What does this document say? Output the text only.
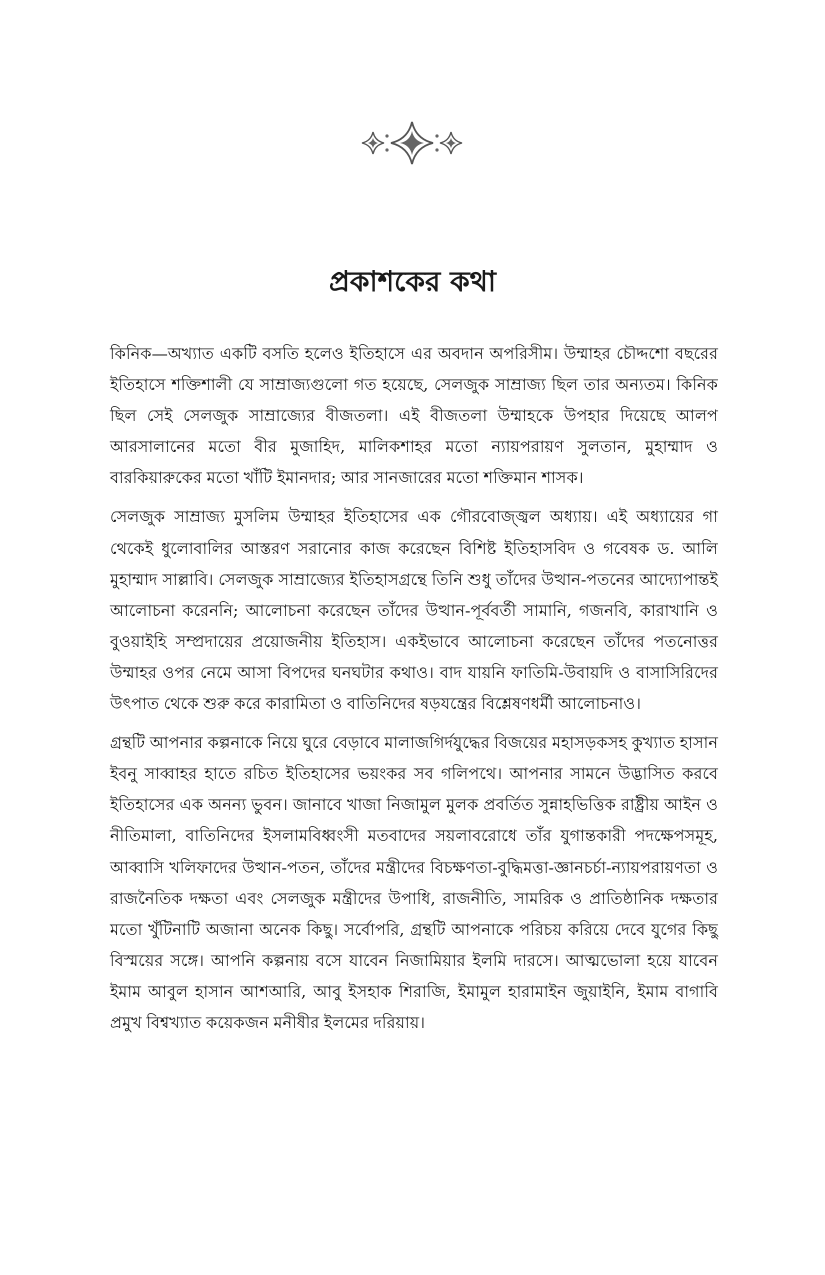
প্রকাশকের কথা

কিনিক—অখ্যাত একটি বসতি হলেও ইতিহাসে এর অবদান অপরিসীম। উম্মাহর চৌদ্দশো বছরের ইতিহাসে শক্তিশালী যে সাম্রাজ্যগুলো গত হয়েছে, সেলজুক সাম্রাজ্য ছিল তার অন্যতম। কিনিক ছিল সেই সেলজুক সাম্রাজ্যের বীজতলা। এই বীজতলা উম্মাহকে উপহার দিয়েছে আলপ আরসালানের মতো বীর মুজাহিদ, মালিকশাহর মতো ন্যায়পরায়ণ সুলতান, মুহাম্মাদ ও বারকিয়ারুকের মতো খাঁটি ইমানদার; আর সানজারের মতো শক্তিমান শাসক।

সেলজুক সাম্রাজ্য মুসলিম উম্মাহর ইতিহাসের এক গৌরবোজ্জ্বল অধ্যায়। এই অধ্যায়ের গা থেকেই ধুলোবালির আস্তরণ সরানোর কাজ করেছেন বিশিষ্ট ইতিহাসবিদ ও গবেষক ড. আলি মুহাম্মাদ সাল্লাবি। সেলজুক সাম্রাজ্যের ইতিহাসগ্রন্থে তিনি শুধু তাঁদের উত্থান-পতনের আদ্যোপান্তই আলোচনা করেননি; আলোচনা করেছেন তাঁদের উত্থান-পূর্ববর্তী সামানি, গজনবি, কারাখানি ও বুওয়াইহি সম্প্রদায়ের প্রয়োজনীয় ইতিহাস। একইভাবে আলোচনা করেছেন তাঁদের পতনোত্তর উম্মাহর ওপর নেমে আসা বিপদের ঘনঘটার কথাও। বাদ যায়নি ফাতিমি-উবায়দি ও বাসাসিরিদের উৎপাত থেকে শুরু করে কারামিতা ও বাতিনিদের ষড়যন্ত্রের বিশ্লেষণধর্মী আলোচনাও।

গ্রন্থটি আপনার কল্পনাকে নিয়ে ঘুরে বেড়াবে মালাজগির্দযুদ্ধের বিজয়ের মহাসড়কসহ কুখ্যাত হাসান ইবনু সাব্বাহর হাতে রচিত ইতিহাসের ভয়ংকর সব গলিপথে। আপনার সামনে উদ্ভাসিত করবে ইতিহাসের এক অনন্য ভুবন। জানাবে খাজা নিজামুল মুলক প্রবর্তিত সুন্নাহভিত্তিক রাষ্ট্রীয় আইন ও নীতিমালা, বাতিনিদের ইসলামবিধ্বংসী মতবাদের সয়লাবরোধে তাঁর যুগান্তকারী পদক্ষেপসমূহ, আব্বাসি খলিফাদের উত্থান-পতন, তাঁদের মন্ত্রীদের বিচক্ষণতা-বুদ্ধিমত্তা-জ্ঞানচর্চা-ন্যায়পরায়ণতা ও রাজনৈতিক দক্ষতা এবং সেলজুক মন্ত্রীদের উপাধি, রাজনীতি, সামরিক ও প্রাতিষ্ঠানিক দক্ষতার মতো খুঁটিনাটি অজানা অনেক কিছু। সর্বোপরি, গ্রন্থটি আপনাকে পরিচয় করিয়ে দেবে যুগের কিছু বিস্ময়ের সঙ্গে। আপনি কল্পনায় বসে যাবেন নিজামিয়ার ইলমি দারসে। আত্মভোলা হয়ে যাবেন ইমাম আবুল হাসান আশআরি, আবু ইসহাক শিরাজি, ইমামুল হারামাইন জুয়াইনি, ইমাম বাগাবি প্রমুখ বিশ্বখ্যাত কয়েকজন মনীষীর ইলমের দরিয়ায়।
